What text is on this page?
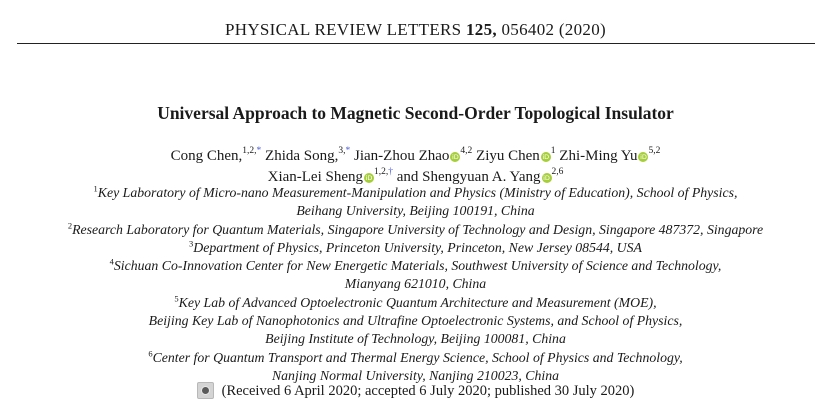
PHYSICAL REVIEW LETTERS 125, 056402 (2020)
Universal Approach to Magnetic Second-Order Topological Insulator
Cong Chen,$^{1,2,*}$ Zhida Song,$^{3,*}$ Jian-Zhou Zhao iD$^{4,2}$ Ziyu Chen $iD^1$ Zhi-Ming Yu iD$^{5,2}$
Xian-Lei Sheng $iD^{1,2,\dagger}$ and Shengyuan A. Yang iD$^{2,6}$
$^1$Key Laboratory of Micro-nano Measurement-Manipulation and Physics (Ministry of Education), School of Physics,
Beihang University, Beijing 100191, China
$^2$Research Laboratory for Quantum Materials, Singapore University of Technology and Design, Singapore 487372, Singapore
$^3$Department of Physics, Princeton University, Princeton, New Jersey 08544, USA
$^4$Sichuan Co-Innovation Center for New Energetic Materials, Southwest University of Science and Technology,
Mianyang 621010, China
$^5$Key Lab of Advanced Optoelectronic Quantum Architecture and Measurement (MOE),
Beijing Key Lab of Nanophotonics and Ultrafine Optoelectronic Systems, and School of Physics,
Beijing Institute of Technology, Beijing 100081, China
$^6$Center for Quantum Transport and Thermal Energy Science, School of Physics and Technology,
Nanjing Normal University, Nanjing 210023, China
(Received 6 April 2020; accepted 6 July 2020; published 30 July 2020)
